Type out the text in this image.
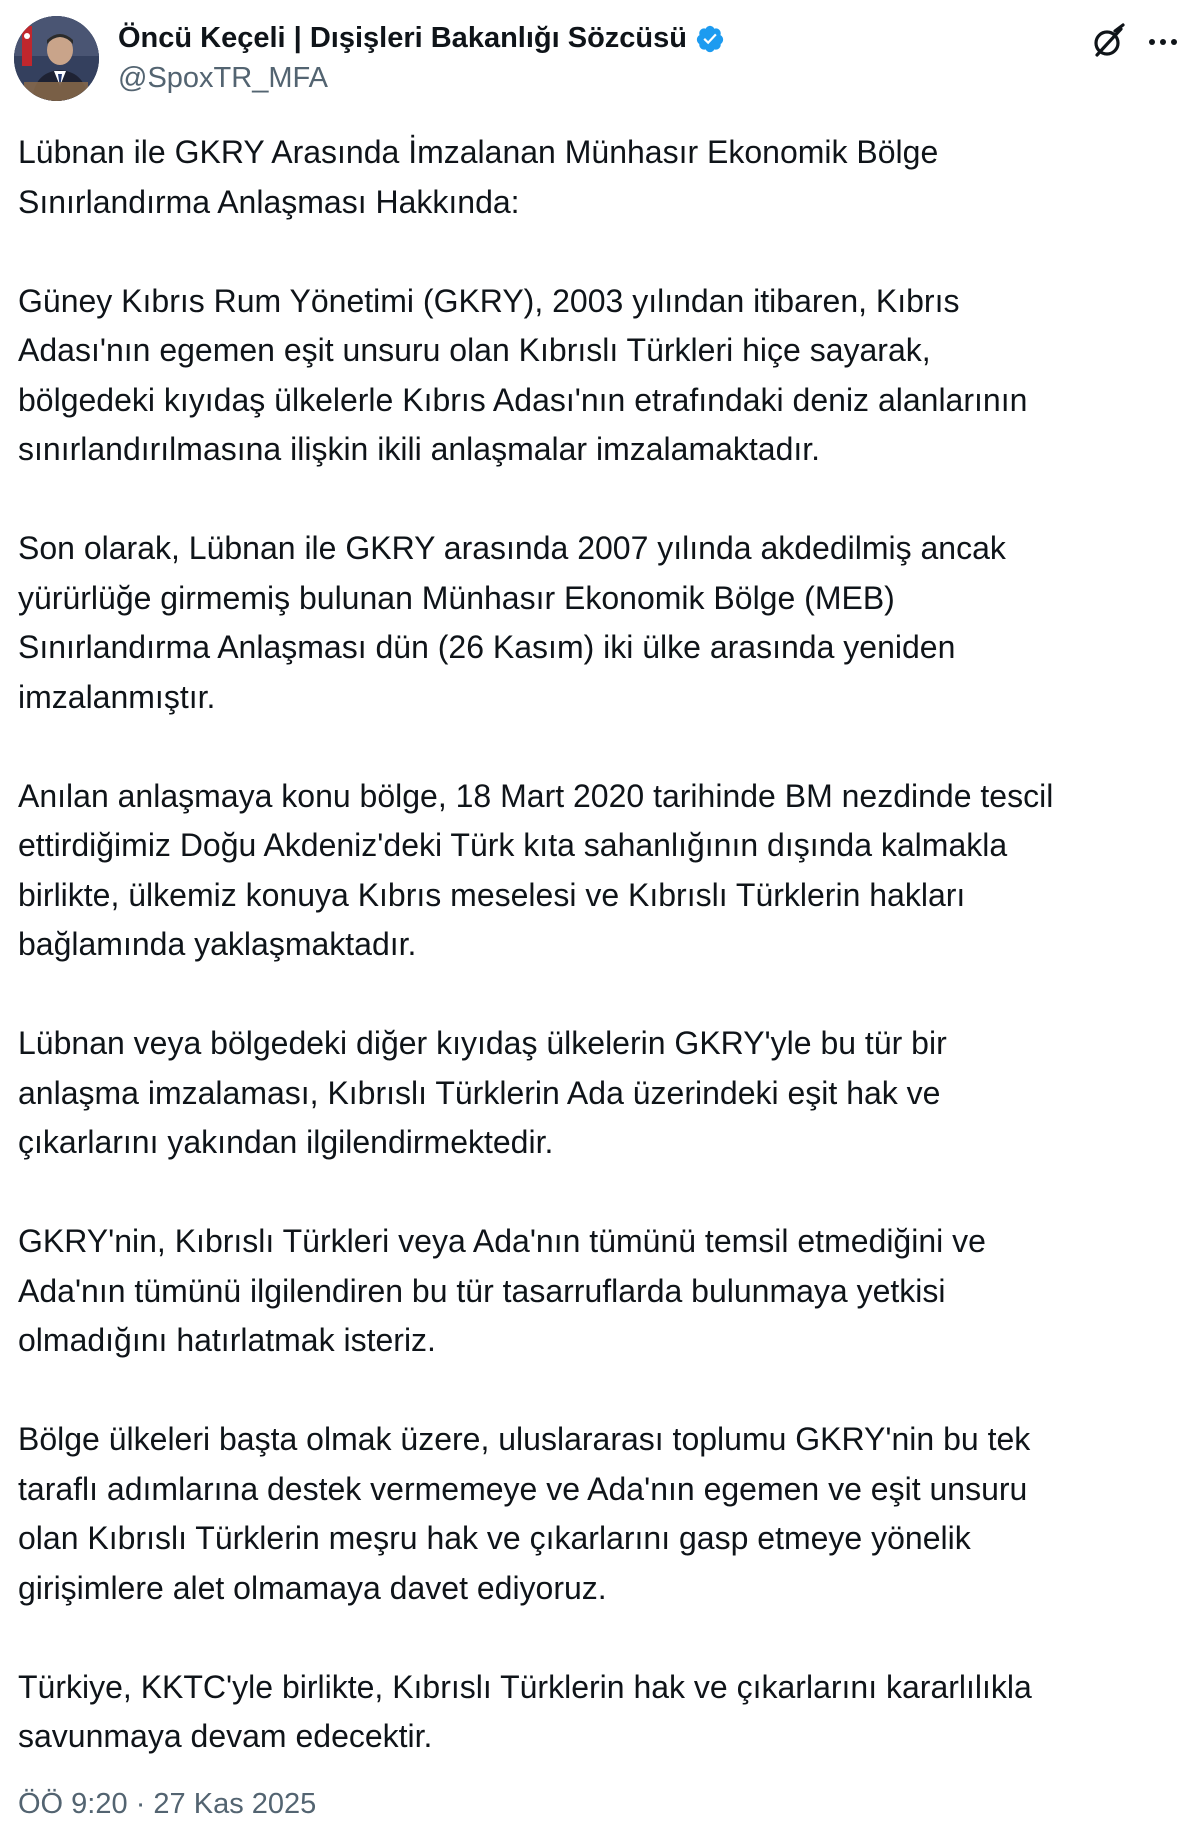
Öncü Keçeli | Dışişleri Bakanlığı Sözcüsü
@SpoxTR_MFA

Lübnan ile GKRY Arasında İmzalanan Münhasır Ekonomik Bölge
Sınırlandırma Anlaşması Hakkında:

Güney Kıbrıs Rum Yönetimi (GKRY), 2003 yılından itibaren, Kıbrıs
Adası'nın egemen eşit unsuru olan Kıbrıslı Türkleri hiçe sayarak,
bölgedeki kıyıdaş ülkelerle Kıbrıs Adası'nın etrafındaki deniz alanlarının
sınırlandırılmasına ilişkin ikili anlaşmalar imzalamaktadır.

Son olarak, Lübnan ile GKRY arasında 2007 yılında akdedilmiş ancak
yürürlüğe girmemiş bulunan Münhasır Ekonomik Bölge (MEB)
Sınırlandırma Anlaşması dün (26 Kasım) iki ülke arasında yeniden
imzalanmıştır.

Anılan anlaşmaya konu bölge, 18 Mart 2020 tarihinde BM nezdinde tescil
ettirdiğimiz Doğu Akdeniz'deki Türk kıta sahanlığının dışında kalmakla
birlikte, ülkemiz konuya Kıbrıs meselesi ve Kıbrıslı Türklerin hakları
bağlamında yaklaşmaktadır.

Lübnan veya bölgedeki diğer kıyıdaş ülkelerin GKRY'yle bu tür bir
anlaşma imzalaması, Kıbrıslı Türklerin Ada üzerindeki eşit hak ve
çıkarlarını yakından ilgilendirmektedir.

GKRY'nin, Kıbrıslı Türkleri veya Ada'nın tümünü temsil etmediğini ve
Ada'nın tümünü ilgilendiren bu tür tasarruflarda bulunmaya yetkisi
olmadığını hatırlatmak isteriz.

Bölge ülkeleri başta olmak üzere, uluslararası toplumu GKRY'nin bu tek
taraflı adımlarına destek vermemeye ve Ada'nın egemen ve eşit unsuru
olan Kıbrıslı Türklerin meşru hak ve çıkarlarını gasp etmeye yönelik
girişimlere alet olmamaya davet ediyoruz.

Türkiye, KKTC'yle birlikte, Kıbrıslı Türklerin hak ve çıkarlarını kararlılıkla
savunmaya devam edecektir.

ÖÖ 9:20 · 27 Kas 2025
